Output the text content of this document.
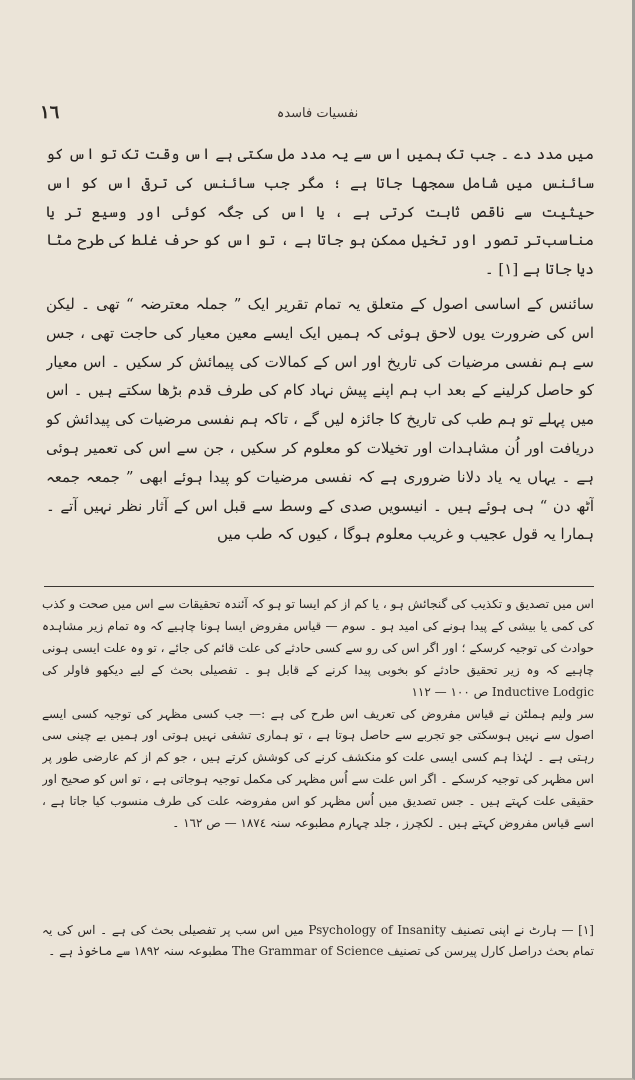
نفسیات فاسدہ
١٦

میں مدد دے ۔ جب تک ہمیں اس سے یہ مدد مل سکتی ہے اس وقت تک تو اس کو سائنس میں شامل سمجھا جاتا ہے ؛ مگر جب سائنس کی ترقی اس کو اس حیثیت سے ناقص ثابت کرتی ہے ، یا اس کی جگہ کوئی اور وسیع تر یا مناسب‌تر تصور اور تخیل ممکن ہو جاتا ہے ، تو اس کو حرف غلط کی طرح مٹا دیا جاتا ہے [١] ۔

سائنس کے اساسی اصول کے متعلق یہ تمام تقریر ایک ” جملہ معترضہ “ تھی ۔ لیکن اس کی ضرورت یوں لاحق ہوئی کہ ہمیں ایک ایسے معین معیار کی حاجت تھی ، جس سے ہم نفسی مرضیات کی تاریخ اور اس کے کمالات کی پیمائش کر سکیں ۔ اس معیار کو حاصل کرلینے کے بعد اب ہم اپنے پیش نہاد کام کی طرف قدم بڑھا سکتے ہیں ۔ اس میں پہلے تو ہم طب کی تاریخ کا جائزہ لیں گے ، تاکہ ہم نفسی مرضیات کی پیدائش کو دریافت اور اُن مشاہدات اور تخیلات کو معلوم کر سکیں ، جن سے اس کی تعمیر ہوئی ہے ۔ یہاں یہ یاد دلانا ضروری ہے کہ نفسی مرضیات کو پیدا ہوئے ابھی ” جمعہ جمعہ آٹھ دن “ ہی ہوئے ہیں ۔ انیسویں صدی کے وسط سے قبل اس کے آثار نظر نہیں آتے ۔ ہمارا یہ قول عجیب و غریب معلوم ہوگا ، کیوں کہ طب میں

اس میں تصدیق و تکذیب کی گنجائش ہو ، یا کم از کم ایسا تو ہو کہ آئندہ تحقیقات سے اس میں صحت و کذب کی کمی یا بیشی کے پیدا ہونے کی امید ہو ۔ سوم — قیاس مفروض ایسا ہونا چاہیے کہ وہ تمام زیر مشاہدہ حوادث کی توجیہ کرسکے ؛ اور اگر اس کی رو سے کسی حادثے کی علت قائم کی جائے ، تو وہ علت ایسی ہونی چاہیے کہ وہ زیر تحقیق حادثے کو بخوبی پیدا کرنے کے قابل ہو ۔ تفصیلی بحث کے لیے دیکھو فاولر کی Inductive Lodgic ص ١٠٠ — ١١٢

سر ولیم ہملٹن نے قیاس مفروض کی تعریف اس طرح کی ہے :— جب کسی مظہر کی توجیہ کسی ایسے اصول سے نہیں ہوسکتی جو تجربے سے حاصل ہوتا ہے ، تو ہماری تشفی نہیں ہوتی اور ہمیں بے چینی سی رہتی ہے ۔ لہٰذا ہم کسی ایسی علت کو منکشف کرنے کی کوشش کرتے ہیں ، جو کم از کم عارضی طور پر اس مظہر کی توجیہ کرسکے ۔ اگر اس علت سے اُس مظہر کی مکمل توجیہ ہوجاتی ہے ، تو اس کو صحیح اور حقیقی علت کہتے ہیں ۔ جس تصدیق میں اُس مظہر کو اس مفروضہ علت کی طرف منسوب کیا جاتا ہے ، اسے قیاس مفروض کہتے ہیں ۔ لکچرز ، جلد چہارم مطبوعہ سنہ ١٨٧٤ — ص ١٦٢ ۔

[١] — ہارٹ نے اپنی تصنیف Psychology of Insanity میں اس سب پر تفصیلی بحث کی ہے ۔ اس کی یہ تمام بحث دراصل کارل پیرسن کی تصنیف The Grammar of Science مطبوعہ سنہ ١٨٩٢ سے ماخوذ ہے ۔
